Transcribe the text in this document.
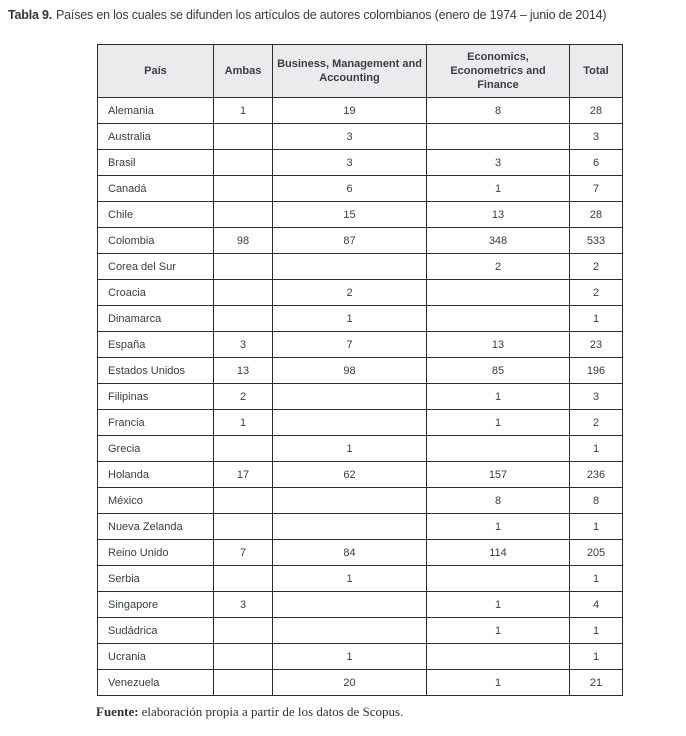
Tabla 9. Países en los cuales se difunden los artículos de autores colombianos (enero de 1974 – junio de 2014)
País	Ambas	Business, Management and Accounting	Economics, Econometrics and Finance	Total
Alemania	1	19	8	28
Australia		3		3
Brasil		3	3	6
Canadá		6	1	7
Chile		15	13	28
Colombia	98	87	348	533
Corea del Sur			2	2
Croacia		2		2
Dinamarca		1		1
España	3	7	13	23
Estados Unidos	13	98	85	196
Filipinas	2		1	3
Francia	1		1	2
Grecia		1		1
Holanda	17	62	157	236
México			8	8
Nueva Zelanda			1	1
Reino Unido	7	84	114	205
Serbia		1		1
Singapore	3		1	4
Sudádrica			1	1
Ucrania		1		1
Venezuela		20	1	21
Fuente: elaboración propia a partir de los datos de Scopus.
